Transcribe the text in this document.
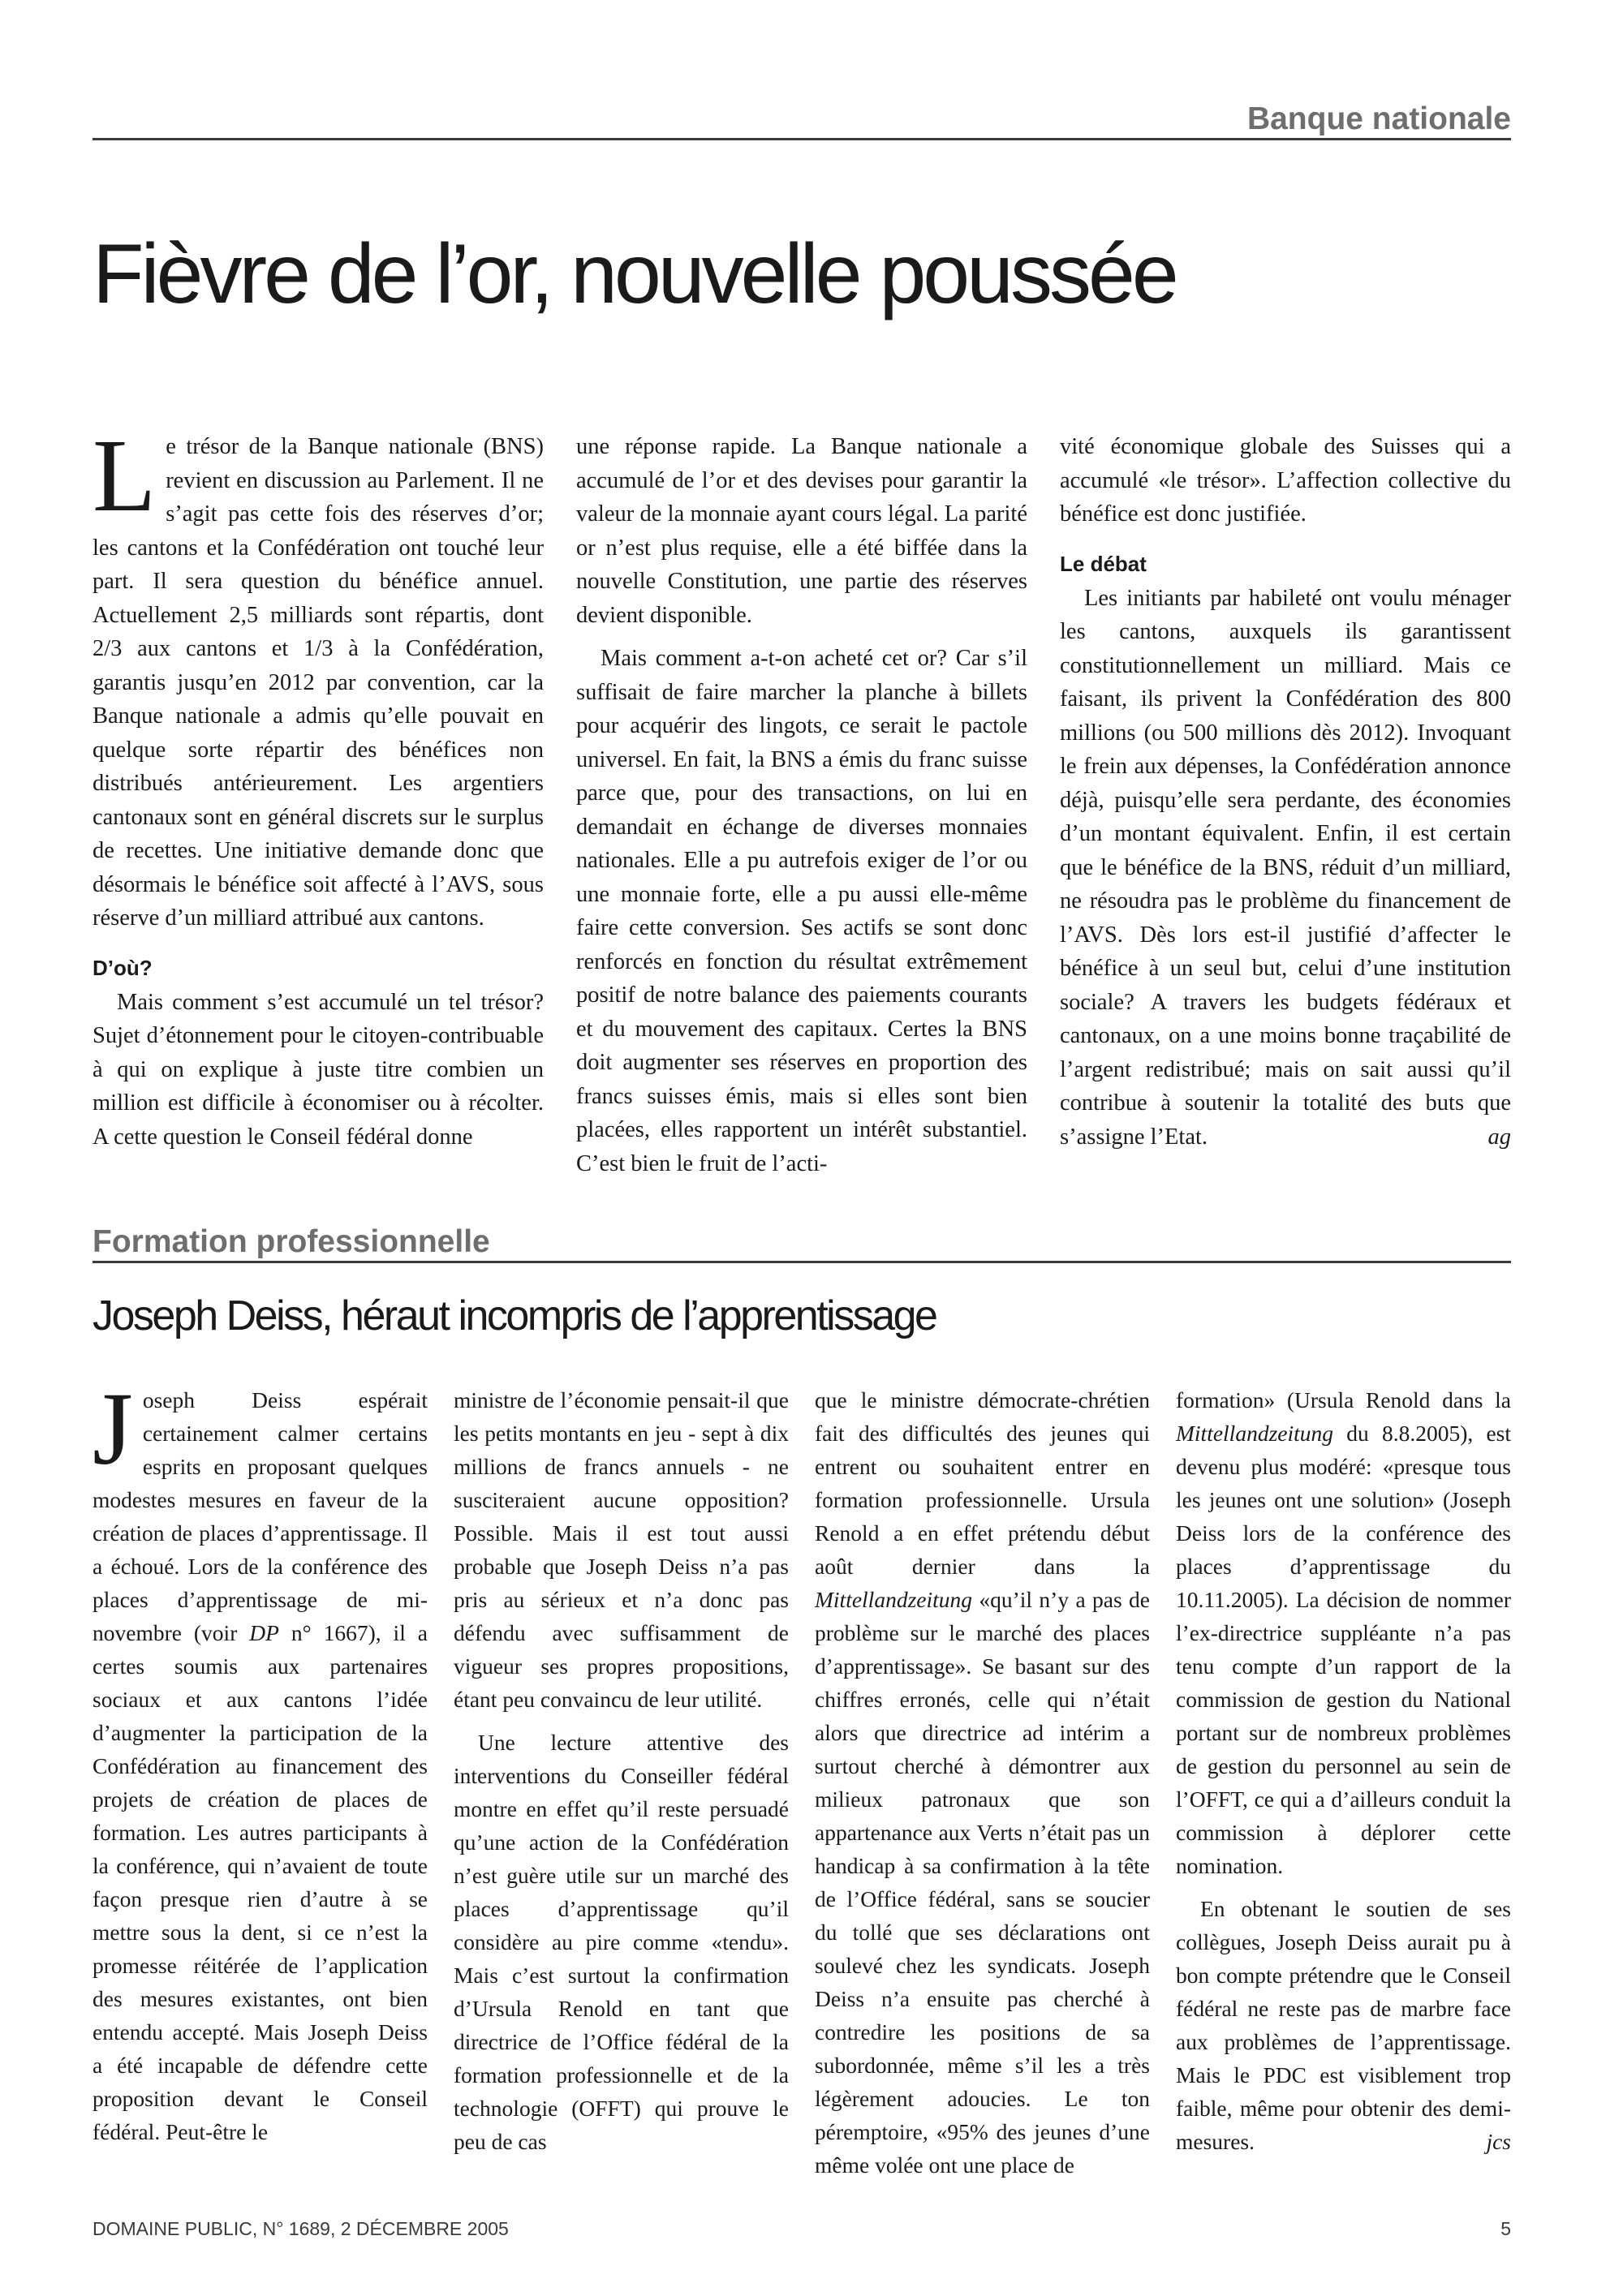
Banque nationale
Fièvre de l’or, nouvelle poussée

Le trésor de la Banque nationale (BNS) revient en discussion au Parlement. Il ne s’agit pas cette fois des réserves d’or; les cantons et la Confédération ont touché leur part. Il sera question du bénéfice annuel. Actuellement 2,5 milliards sont répartis, dont 2/3 aux cantons et 1/3 à la Confédération, garantis jusqu’en 2012 par convention, car la Banque nationale a admis qu’elle pouvait en quelque sorte répartir des bénéfices non distribués antérieurement. Les argentiers cantonaux sont en général discrets sur le surplus de recettes. Une initiative demande donc que désormais le bénéfice soit affecté à l’AVS, sous réserve d’un milliard attribué aux cantons.

D’où?

Mais comment s’est accumulé un tel trésor? Sujet d’étonnement pour le citoyen-contribuable à qui on explique à juste titre combien un million est difficile à économiser ou à récolter. A cette question le Conseil fédéral donne

une réponse rapide. La Banque nationale a accumulé de l’or et des devises pour garantir la valeur de la monnaie ayant cours légal. La parité or n’est plus requise, elle a été biffée dans la nouvelle Constitution, une partie des réserves devient disponible.

Mais comment a-t-on acheté cet or? Car s’il suffisait de faire marcher la planche à billets pour acquérir des lingots, ce serait le pactole universel. En fait, la BNS a émis du franc suisse parce que, pour des transactions, on lui en demandait en échange de diverses monnaies nationales. Elle a pu autrefois exiger de l’or ou une monnaie forte, elle a pu aussi elle-même faire cette conversion. Ses actifs se sont donc renforcés en fonction du résultat extrêmement positif de notre balance des paiements courants et du mouvement des capitaux. Certes la BNS doit augmenter ses réserves en proportion des francs suisses émis, mais si elles sont bien placées, elles rapportent un intérêt substantiel. C’est bien le fruit de l’acti-

vité économique globale des Suisses qui a accumulé «le trésor». L’affection collective du bénéfice est donc justifiée.

Le débat

Les initiants par habileté ont voulu ménager les cantons, auxquels ils garantissent constitutionnellement un milliard. Mais ce faisant, ils privent la Confédération des 800 millions (ou 500 millions dès 2012). Invoquant le frein aux dépenses, la Confédération annonce déjà, puisqu’elle sera perdante, des économies d’un montant équivalent. Enfin, il est certain que le bénéfice de la BNS, réduit d’un milliard, ne résoudra pas le problème du financement de l’AVS. Dès lors est-il justifié d’affecter le bénéfice à un seul but, celui d’une institution sociale? A travers les budgets fédéraux et cantonaux, on a une moins bonne traçabilité de l’argent redistribué; mais on sait aussi qu’il contribue à soutenir la totalité des buts que s’assigne l’Etat.	ag

Formation professionnelle
Joseph Deiss, héraut incompris de l’apprentissage

Joseph Deiss espérait certainement calmer certains esprits en proposant quelques modestes mesures en faveur de la création de places d’apprentissage. Il a échoué. Lors de la conférence des places d’apprentissage de mi-novembre (voir DP n° 1667), il a certes soumis aux partenaires sociaux et aux cantons l’idée d’augmenter la participation de la Confédération au financement des projets de création de places de formation. Les autres participants à la conférence, qui n’avaient de toute façon presque rien d’autre à se mettre sous la dent, si ce n’est la promesse réitérée de l’application des mesures existantes, ont bien entendu accepté. Mais Joseph Deiss a été incapable de défendre cette proposition devant le Conseil fédéral. Peut-être le

ministre de l’économie pensait-il que les petits montants en jeu - sept à dix millions de francs annuels - ne susciteraient aucune opposition? Possible. Mais il est tout aussi probable que Joseph Deiss n’a pas pris au sérieux et n’a donc pas défendu avec suffisamment de vigueur ses propres propositions, étant peu convaincu de leur utilité.

Une lecture attentive des interventions du Conseiller fédéral montre en effet qu’il reste persuadé qu’une action de la Confédération n’est guère utile sur un marché des places d’apprentissage qu’il considère au pire comme «tendu». Mais c’est surtout la confirmation d’Ursula Renold en tant que directrice de l’Office fédéral de la formation professionnelle et de la technologie (OFFT) qui prouve le peu de cas

que le ministre démocrate-chrétien fait des difficultés des jeunes qui entrent ou souhaitent entrer en formation professionnelle. Ursula Renold a en effet prétendu début août dernier dans la Mittellandzeitung «qu’il n’y a pas de problème sur le marché des places d’apprentissage». Se basant sur des chiffres erronés, celle qui n’était alors que directrice ad intérim a surtout cherché à démontrer aux milieux patronaux que son appartenance aux Verts n’était pas un handicap à sa confirmation à la tête de l’Office fédéral, sans se soucier du tollé que ses déclarations ont soulevé chez les syndicats. Joseph Deiss n’a ensuite pas cherché à contredire les positions de sa subordonnée, même s’il les a très légèrement adoucies. Le ton péremptoire, «95% des jeunes d’une même volée ont une place de

formation» (Ursula Renold dans la Mittellandzeitung du 8.8.2005), est devenu plus modéré: «presque tous les jeunes ont une solution» (Joseph Deiss lors de la conférence des places d’apprentissage du 10.11.2005). La décision de nommer l’ex-directrice suppléante n’a pas tenu compte d’un rapport de la commission de gestion du National portant sur de nombreux problèmes de gestion du personnel au sein de l’OFFT, ce qui a d’ailleurs conduit la commission à déplorer cette nomination.

En obtenant le soutien de ses collègues, Joseph Deiss aurait pu à bon compte prétendre que le Conseil fédéral ne reste pas de marbre face aux problèmes de l’apprentissage. Mais le PDC est visiblement trop faible, même pour obtenir des demi-mesures.	jcs

DOMAINE PUBLIC, N° 1689, 2 DÉCEMBRE 2005	5
